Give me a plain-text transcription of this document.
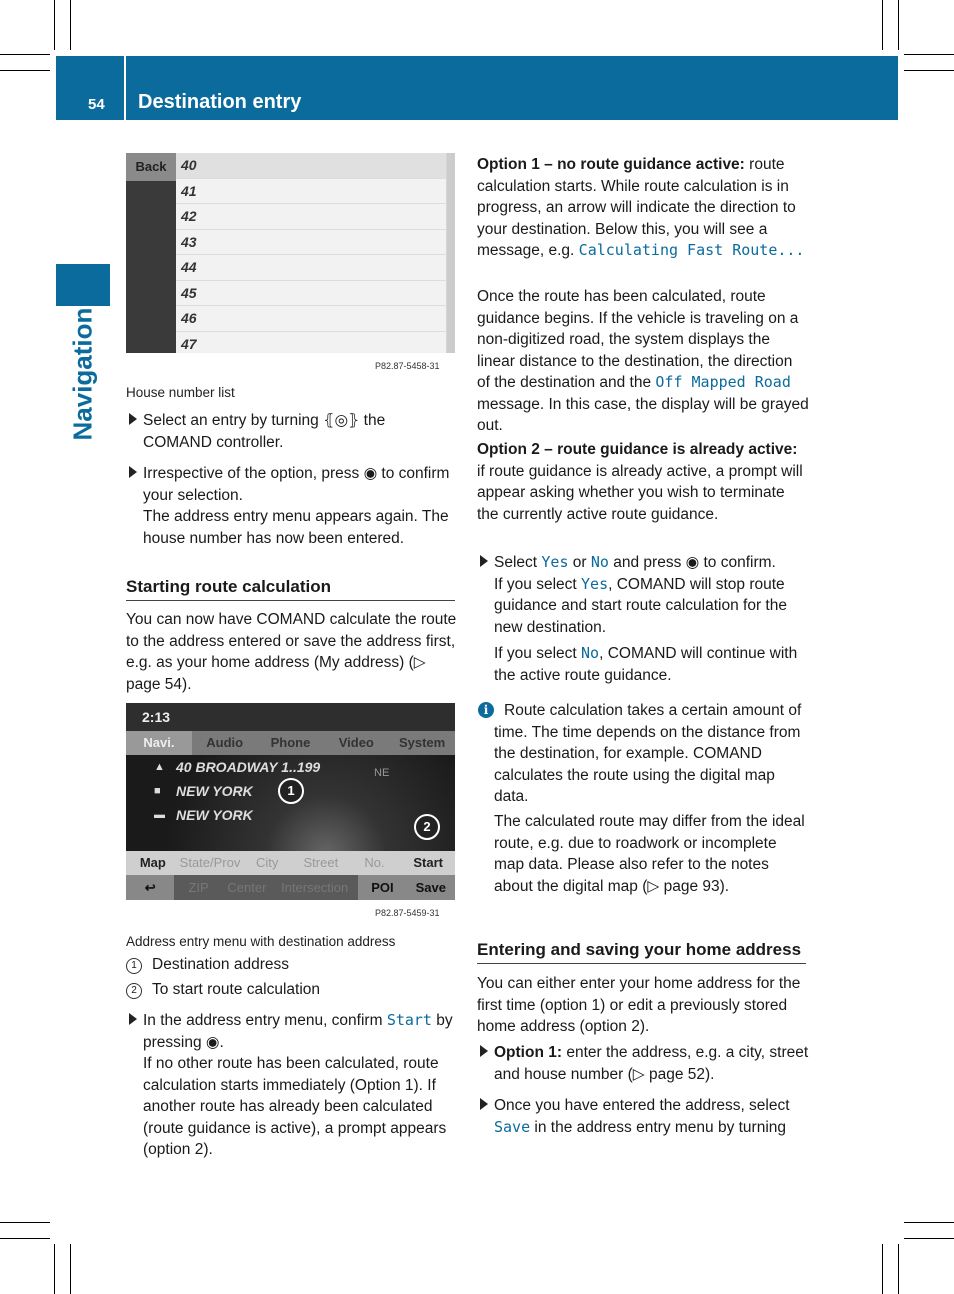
54 Destination entry
Navigation
Back	40
41
42
43
44
45
46
47
P82.87-5458-31
House number list
Select an entry by turning ⦃◎⦄ the COMAND controller.
Irrespective of the option, press ◉ to confirm your selection.
The address entry menu appears again. The house number has now been entered.
Starting route calculation

You can now have COMAND calculate the route to the address entered or save the address first, e.g. as your home address (My address) (▷ page 54).

2:13
Navi.	Audio	Phone	Video	System
▲ 40 BROADWAY 1..199
■ NEW YORK
▬ NEW YORK
NE
Map	State/Prov	City	Street	No.	Start
↩	ZIP	Center	Intersection	POI	Save
1
2
P82.87-5459-31
Address entry menu with destination address
1 Destination address
2 To start route calculation
In the address entry menu, confirm Start by pressing ◉.
If no other route has been calculated, route calculation starts immediately (Option 1). If another route has already been calculated (route guidance is active), a prompt appears (option 2).

Option 1 – no route guidance active: route calculation starts. While route calculation is in progress, an arrow will indicate the direction to your destination. Below this, you will see a message, e.g. Calculating Fast Route...

Once the route has been calculated, route guidance begins. If the vehicle is traveling on a non-digitized road, the system displays the linear distance to the destination, the direction of the destination and the Off Mapped Road message. In this case, the display will be grayed out.

Option 2 – route guidance is already active: if route guidance is already active, a prompt will appear asking whether you wish to terminate the currently active route guidance.

Select Yes or No and press ◉ to confirm.
If you select Yes, COMAND will stop route guidance and start route calculation for the new destination.

If you select No, COMAND will continue with the active route guidance.

i	Route calculation takes a certain amount of time. The time depends on the distance from the destination, for example. COMAND calculates the route using the digital map data.

The calculated route may differ from the ideal route, e.g. due to roadwork or incomplete map data. Please also refer to the notes about the digital map (▷ page 93).

Entering and saving your home address

You can either enter your home address for the first time (option 1) or edit a previously stored home address (option 2).

Option 1: enter the address, e.g. a city, street and house number (▷ page 52).
Once you have entered the address, select Save in the address entry menu by turning
